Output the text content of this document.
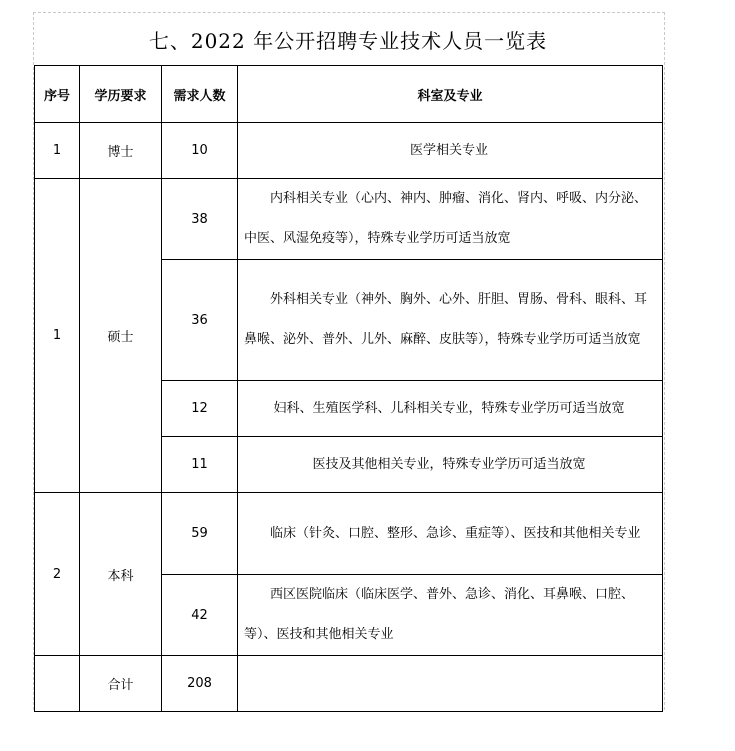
七、2022 年公开招聘专业技术人员一览表
序号	学历要求	需求人数	科室及专业
1	博士	10	医学相关专业
1	硕士	38	内科相关专业（心内、神内、肿瘤、消化、肾内、呼吸、内分泌、中医、风湿免疫等），特殊专业学历可适当放宽
		36	外科相关专业（神外、胸外、心外、肝胆、胃肠、骨科、眼科、耳鼻喉、泌外、普外、儿外、麻醉、皮肤等），特殊专业学历可适当放宽
		12	妇科、生殖医学科、儿科相关专业，特殊专业学历可适当放宽
		11	医技及其他相关专业，特殊专业学历可适当放宽
2	本科	59	临床（针灸、口腔、整形、急诊、重症等）、医技和其他相关专业
		42	西区医院临床（临床医学、普外、急诊、消化、耳鼻喉、口腔、等）、医技和其他相关专业
	合计	208	
